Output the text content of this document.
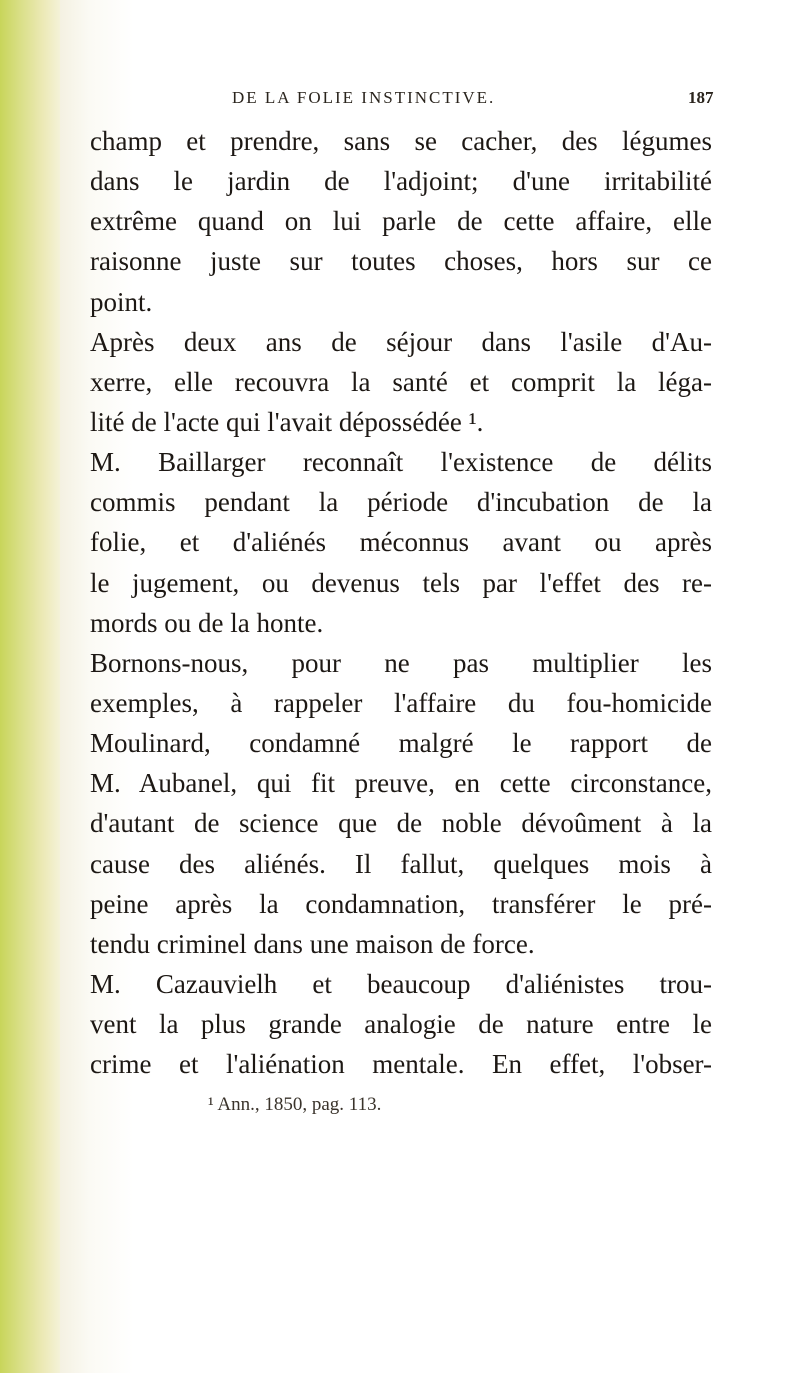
DE LA FOLIE INSTINCTIVE.	187
champ et prendre, sans se cacher, des légumes
dans le jardin de l'adjoint; d'une irritabilité
extrême quand on lui parle de cette affaire, elle
raisonne juste sur toutes choses, hors sur ce
point.
Après deux ans de séjour dans l'asile d'Au-
xerre, elle recouvra la santé et comprit la léga-
lité de l'acte qui l'avait dépossédée ¹.
M. Baillarger reconnaît l'existence de délits
commis pendant la période d'incubation de la
folie, et d'aliénés méconnus avant ou après
le jugement, ou devenus tels par l'effet des re-
mords ou de la honte.
Bornons-nous, pour ne pas multiplier les
exemples, à rappeler l'affaire du fou-homicide
Moulinard, condamné malgré le rapport de
M. Aubanel, qui fit preuve, en cette circonstance,
d'autant de science que de noble dévoûment à la
cause des aliénés. Il fallut, quelques mois à
peine après la condamnation, transférer le pré-
tendu criminel dans une maison de force.
M. Cazauvielh et beaucoup d'aliénistes trou-
vent la plus grande analogie de nature entre le
crime et l'aliénation mentale. En effet, l'obser-
¹ Ann., 1850, pag. 113.
